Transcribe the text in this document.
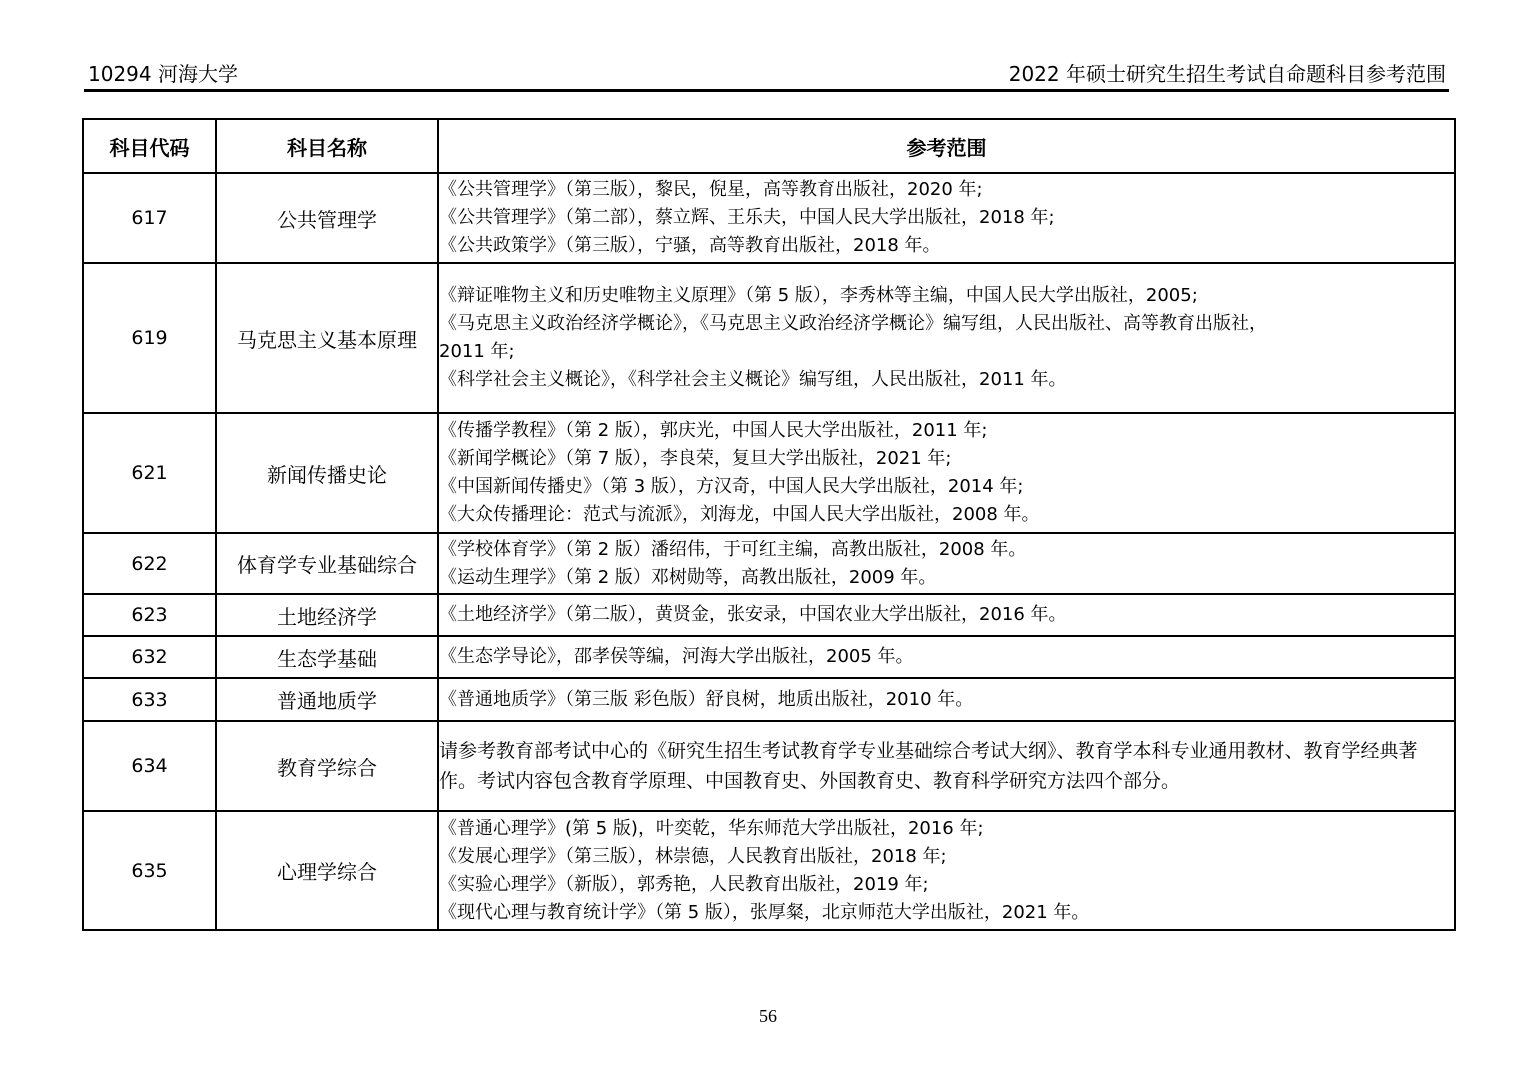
10294 河海大学	2022 年硕士研究生招生考试自命题科目参考范围
科目代码	科目名称	参考范围
617	公共管理学	《公共管理学》（第三版），黎民，倪星，高等教育出版社，2020 年;
《公共管理学》（第二部），蔡立辉、王乐夫，中国人民大学出版社，2018 年;
《公共政策学》（第三版），宁骚，高等教育出版社，2018 年。

619	马克思主义基本原理	《辩证唯物主义和历史唯物主义原理》（第 5 版），李秀林等主编，中国人民大学出版社，2005;
《马克思主义政治经济学概论》，《马克思主义政治经济学概论》编写组，人民出版社、高等教育出版社，
2011 年;
《科学社会主义概论》，《科学社会主义概论》编写组，人民出版社，2011 年。

621	新闻传播史论	《传播学教程》（第 2 版），郭庆光，中国人民大学出版社，2011 年;
《新闻学概论》（第 7 版），李良荣，复旦大学出版社，2021 年;
《中国新闻传播史》（第 3 版），方汉奇，中国人民大学出版社，2014 年;
《大众传播理论：范式与流派》，刘海龙，中国人民大学出版社，2008 年。

622	体育学专业基础综合	《学校体育学》（第 2 版）潘绍伟，于可红主编，高教出版社，2008 年。
《运动生理学》（第 2 版）邓树勋等，高教出版社，2009 年。

623	土地经济学	《土地经济学》（第二版），黄贤金，张安录，中国农业大学出版社，2016 年。

632	生态学基础	《生态学导论》，邵孝侯等编，河海大学出版社，2005 年。

633	普通地质学	《普通地质学》（第三版 彩色版）舒良树，地质出版社，2010 年。

634	教育学综合	请参考教育部考试中心的《研究生招生考试教育学专业基础综合考试大纲》、教育学本科专业通用教材、教育学经典著作。考试内容包含教育学原理、中国教育史、外国教育史、教育科学研究方法四个部分。

635	心理学综合	《普通心理学》(第 5 版)，叶奕乾，华东师范大学出版社，2016 年;
《发展心理学》（第三版），林崇德，人民教育出版社，2018 年;
《实验心理学》（新版），郭秀艳，人民教育出版社，2019 年;
《现代心理与教育统计学》（第 5 版），张厚粲，北京师范大学出版社，2021 年。
56
